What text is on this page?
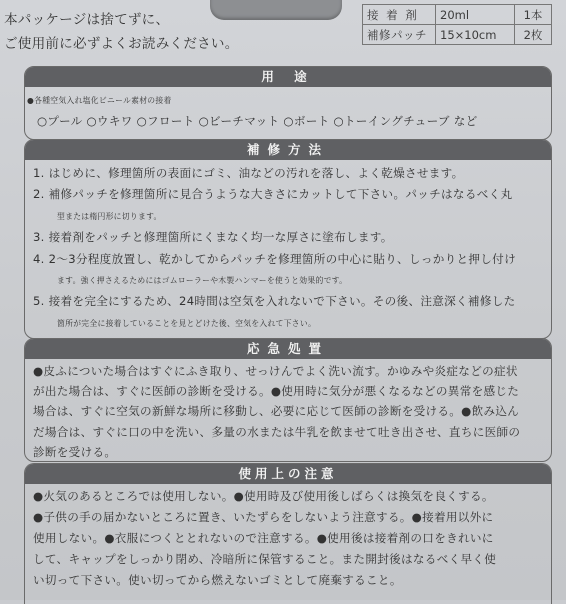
本パッケージは捨てずに、
ご使用前に必ずよくお読みください。
接 着 剤	20ml	1本
補修パッチ	15×10cm	2枚
用 途
●各種空気入れ塩化ビニール素材の接着
○プール ○ウキワ ○フロート ○ビーチマット ○ボート ○トーイングチューブ など
補修方法
1. はじめに、修理箇所の表面にゴミ、油などの汚れを落し、よく乾燥させます。
2. 補修パッチを修理箇所に見合うような大きさにカットして下さい。パッチはなるべく丸
型または楕円形に切ります。
3. 接着剤をパッチと修理箇所にくまなく均一な厚さに塗布します。
4. 2～3分程度放置し、乾かしてからパッチを修理箇所の中心に貼り、しっかりと押し付け
ます。強く押さえるためにはゴムローラーや木製ハンマーを使うと効果的です。
5. 接着を完全にするため、24時間は空気を入れないで下さい。その後、注意深く補修した
箇所が完全に接着していることを見とどけた後、空気を入れて下さい。
応急処置
●皮ふについた場合はすぐにふき取り、せっけんでよく洗い流す。かゆみや炎症などの症状
が出た場合は、すぐに医師の診断を受ける。●使用時に気分が悪くなるなどの異常を感じた
場合は、すぐに空気の新鮮な場所に移動し、必要に応じて医師の診断を受ける。●飲み込ん
だ場合は、すぐに口の中を洗い、多量の水または牛乳を飲ませて吐き出させ、直ちに医師の
診断を受ける。
使用上の注意
●火気のあるところでは使用しない。●使用時及び使用後しばらくは換気を良くする。
●子供の手の届かないところに置き、いたずらをしないよう注意する。●接着用以外に
使用しない。●衣服につくととれないので注意する。●使用後は接着剤の口をきれいに
して、キャップをしっかり閉め、冷暗所に保管すること。また開封後はなるべく早く使
い切って下さい。使い切ってから燃えないゴミとして廃棄すること。
